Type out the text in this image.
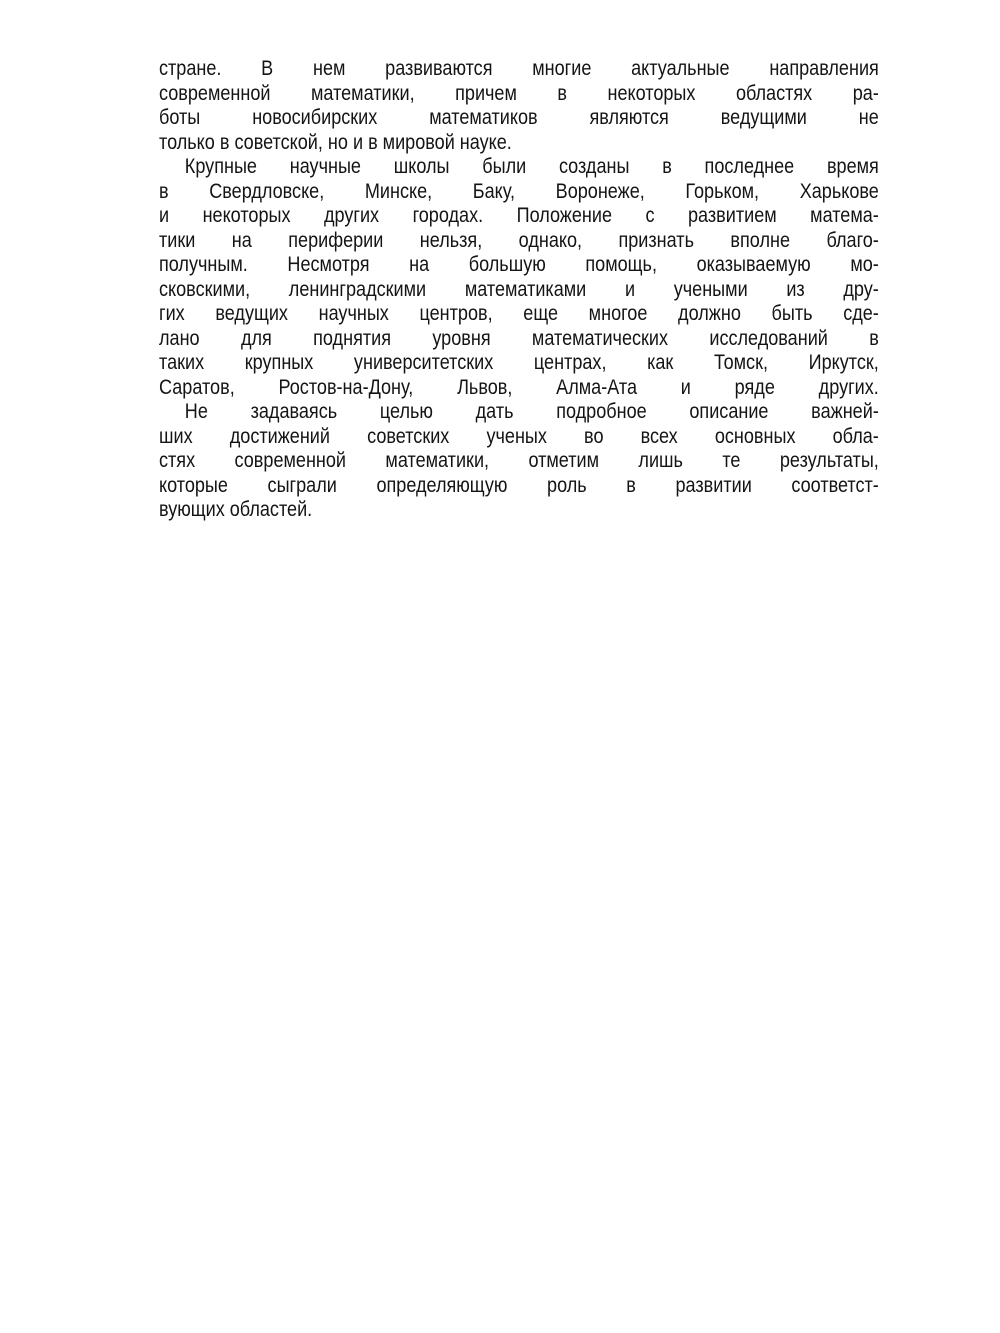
стране. В нем развиваются многие актуальные направления
современной математики, причем в некоторых областях ра-
боты новосибирских математиков являются ведущими не
только в советской, но и в мировой науке.
Крупные научные школы были созданы в последнее время
в Свердловске, Минске, Баку, Воронеже, Горьком, Харькове
и некоторых других городах. Положение с развитием матема-
тики на периферии нельзя, однако, признать вполне благо-
получным. Несмотря на большую помощь, оказываемую мо-
сковскими, ленинградскими математиками и учеными из дру-
гих ведущих научных центров, еще многое должно быть сде-
лано для поднятия уровня математических исследований в
таких крупных университетских центрах, как Томск, Иркутск,
Саратов, Ростов-на-Дону, Львов, Алма-Ата и ряде других.
Не задаваясь целью дать подробное описание важней-
ших достижений советских ученых во всех основных обла-
стях современной математики, отметим лишь те результаты,
которые сыграли определяющую роль в развитии соответст-
вующих областей.
